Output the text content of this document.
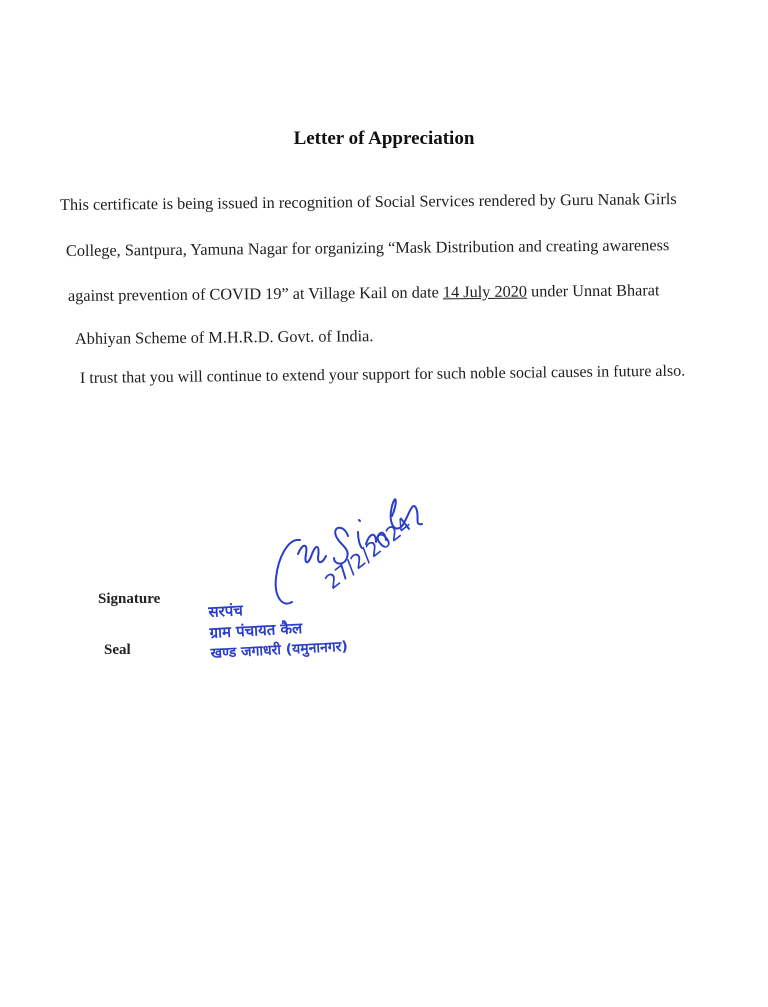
Letter of Appreciation
This certificate is being issued in recognition of Social Services rendered by Guru Nanak Girls
College, Santpura, Yamuna Nagar for organizing “Mask Distribution and creating awareness
against prevention of COVID 19” at Village Kail on date 14 July 2020 under Unnat Bharat
Abhiyan Scheme of M.H.R.D. Govt. of India.
I trust that you will continue to extend your support for such noble social causes in future also.
27/2/2024
Signature
Seal
सरपंच
ग्राम पंचायत कैल
खण्ड जगाधरी (यमुनानगर)
